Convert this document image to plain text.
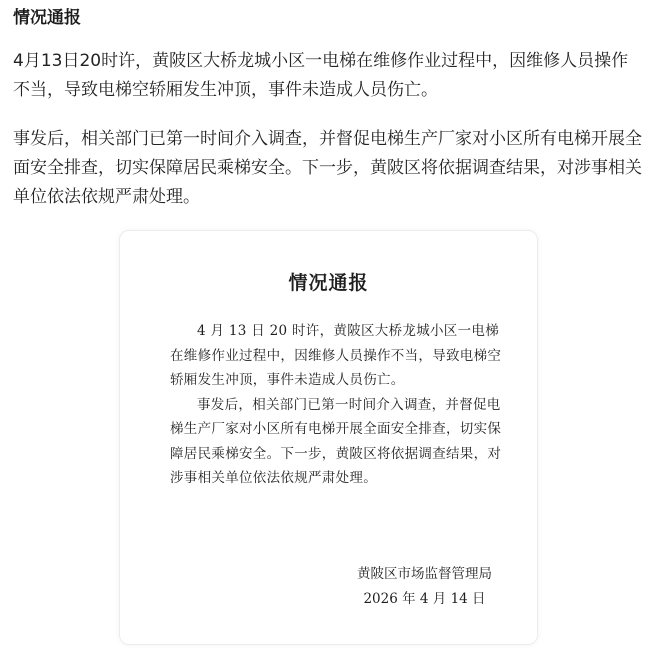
情况通报

4月13日20时许，黄陂区大桥龙城小区一电梯在维修作业过程中，因维修人员操作不当，导致电梯空轿厢发生冲顶，事件未造成人员伤亡。

事发后，相关部门已第一时间介入调查，并督促电梯生产厂家对小区所有电梯开展全面安全排查，切实保障居民乘梯安全。下一步，黄陂区将依据调查结果，对涉事相关单位依法依规严肃处理。

情况通报

4 月 13 日 20 时许，黄陂区大桥龙城小区一电梯在维修作业过程中，因维修人员操作不当，导致电梯空轿厢发生冲顶，事件未造成人员伤亡。

事发后，相关部门已第一时间介入调查，并督促电梯生产厂家对小区所有电梯开展全面安全排查，切实保障居民乘梯安全。下一步，黄陂区将依据调查结果，对涉事相关单位依法依规严肃处理。

黄陂区市场监督管理局
2026 年 4 月 14 日
